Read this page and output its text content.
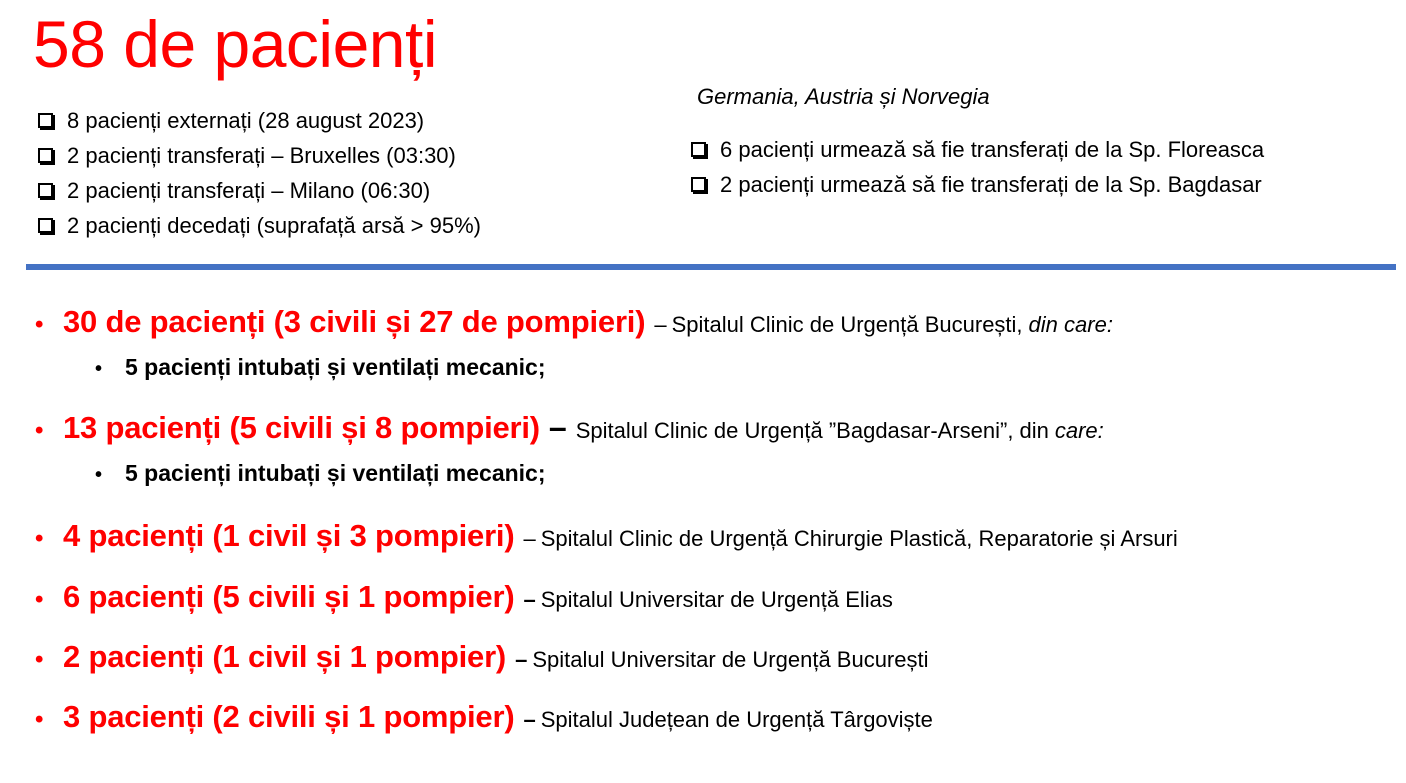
58 de pacienți
8 pacienți externați (28 august 2023)
2 pacienți transferați – Bruxelles (03:30)
2 pacienți transferați – Milano (06:30)
2 pacienți decedați (suprafață arsă > 95%)
Germania, Austria și Norvegia
6 pacienți urmează să fie transferați de la Sp. Floreasca
2 pacienți urmează să fie transferați de la Sp. Bagdasar
• 30 de pacienți (3 civili și 27 de pompieri) – Spitalul Clinic de Urgență București, din care:
• 5 pacienți intubați și ventilați mecanic;
• 13 pacienți (5 civili și 8 pompieri) – Spitalul Clinic de Urgență ”Bagdasar-Arseni”, din care:
• 5 pacienți intubați și ventilați mecanic;
• 4 pacienți (1 civil și 3 pompieri) – Spitalul Clinic de Urgență Chirurgie Plastică, Reparatorie și Arsuri
• 6 pacienți (5 civili și 1 pompier) – Spitalul Universitar de Urgență Elias
• 2 pacienți (1 civil și 1 pompier) – Spitalul Universitar de Urgență București
• 3 pacienți (2 civili și 1 pompier) – Spitalul Județean de Urgență Târgoviște
